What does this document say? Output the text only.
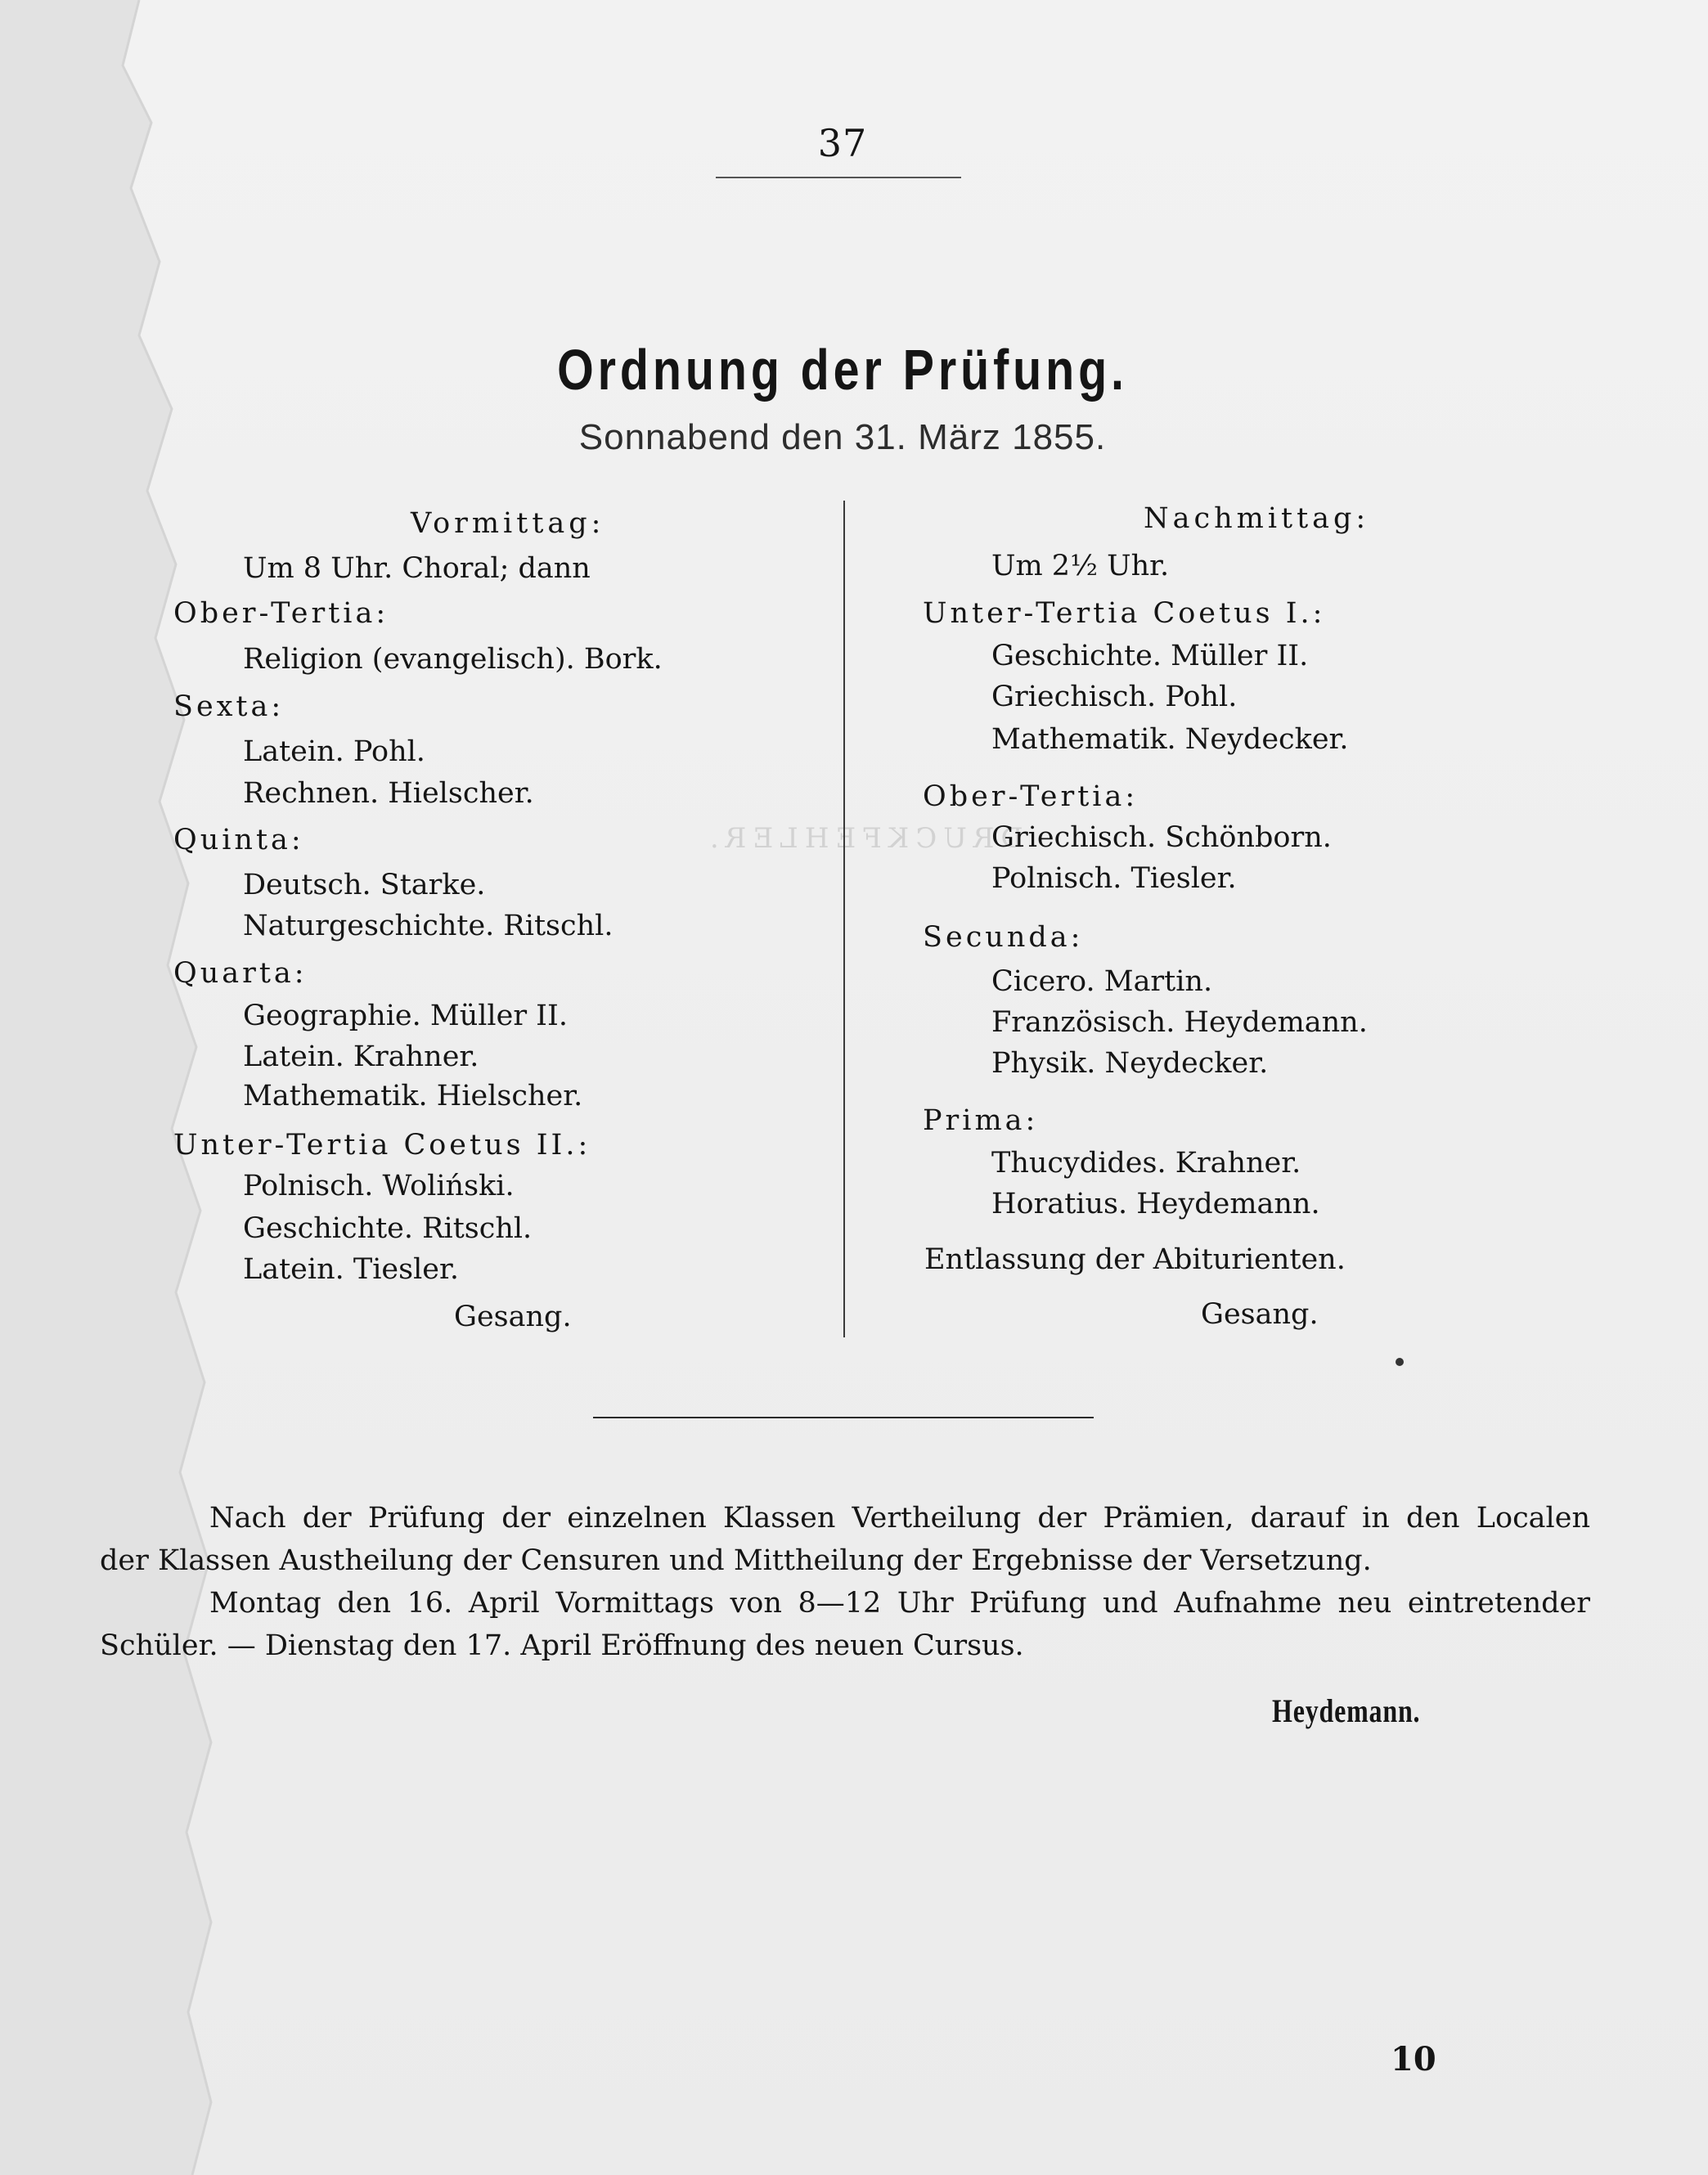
DRUCKFEHLER.
37
Ordnung der Prüfung.
Sonnabend den 31. März 1855.
Vormittag:
Um 8 Uhr. Choral; dann
Ober-Tertia:
Religion (evangelisch). Bork.
Sexta:
Latein. Pohl.
Rechnen. Hielscher.
Quinta:
Deutsch. Starke.
Naturgeschichte. Ritschl.
Quarta:
Geographie. Müller II.
Latein. Krahner.
Mathematik. Hielscher.
Unter-Tertia Coetus II.:
Polnisch. Woliński.
Geschichte. Ritschl.
Latein. Tiesler.
Gesang.
Nachmittag:
Um 2½ Uhr.
Unter-Tertia Coetus I.:
Geschichte. Müller II.
Griechisch. Pohl.
Mathematik. Neydecker.
Ober-Tertia:
Griechisch. Schönborn.
Polnisch. Tiesler.
Secunda:
Cicero. Martin.
Französisch. Heydemann.
Physik. Neydecker.
Prima:
Thucydides. Krahner.
Horatius. Heydemann.
Entlassung der Abiturienten.
Gesang.
Nach der Prüfung der einzelnen Klassen Vertheilung der Prämien, darauf in den Localen
der Klassen Austheilung der Censuren und Mittheilung der Ergebnisse der Versetzung.
Montag den 16. April Vormittags von 8—12 Uhr Prüfung und Aufnahme neu eintretender
Schüler. — Dienstag den 17. April Eröffnung des neuen Cursus.
Heydemann.
10
